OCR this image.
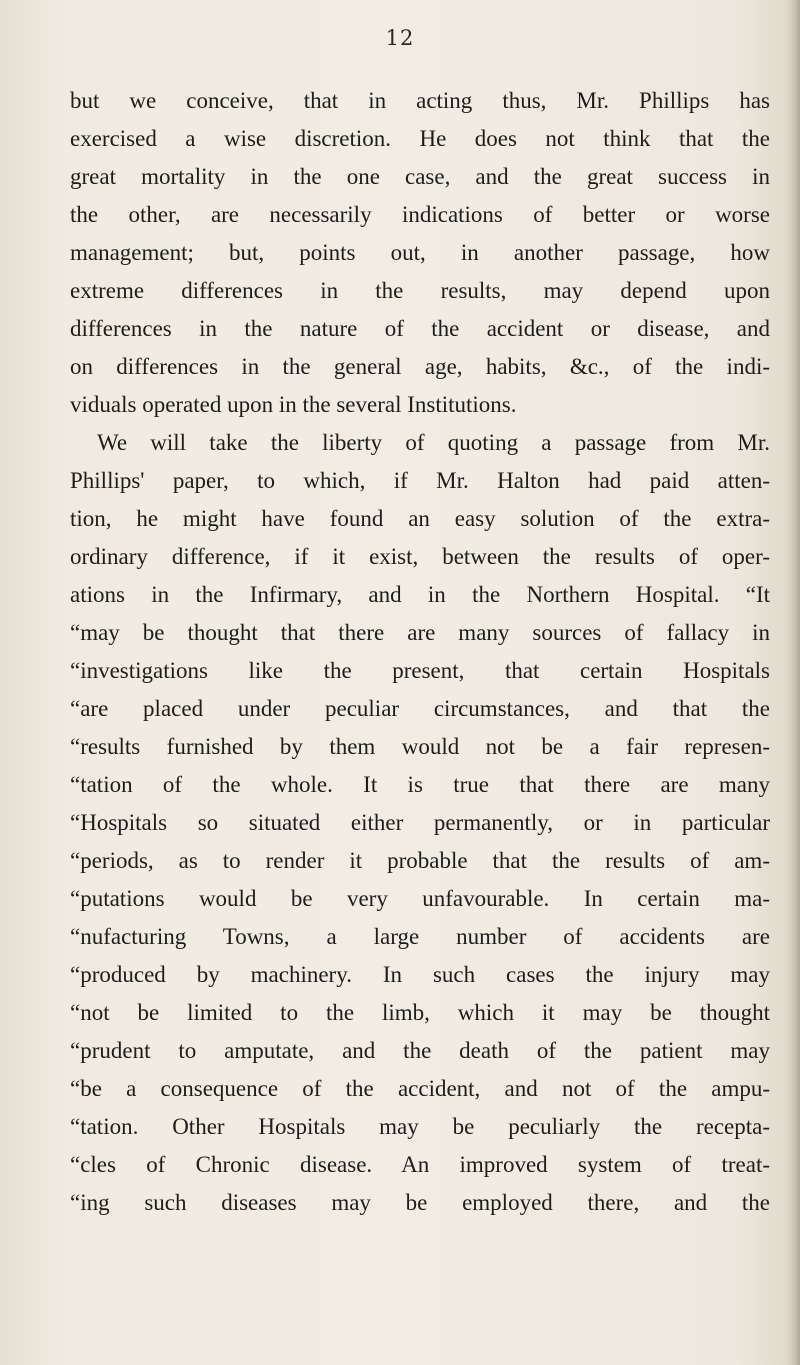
12
but we conceive, that in acting thus, Mr. Phillips has
exercised a wise discretion. He does not think that the
great mortality in the one case, and the great success in
the other, are necessarily indications of better or worse
management; but, points out, in another passage, how
extreme differences in the results, may depend upon
differences in the nature of the accident or disease, and
on differences in the general age, habits, &c., of the indi-
viduals operated upon in the several Institutions.
We will take the liberty of quoting a passage from Mr.
Phillips' paper, to which, if Mr. Halton had paid atten-
tion, he might have found an easy solution of the extra-
ordinary difference, if it exist, between the results of oper-
ations in the Infirmary, and in the Northern Hospital. “It
“may be thought that there are many sources of fallacy in
“investigations like the present, that certain Hospitals
“are placed under peculiar circumstances, and that the
“results furnished by them would not be a fair represen-
“tation of the whole. It is true that there are many
“Hospitals so situated either permanently, or in particular
“periods, as to render it probable that the results of am-
“putations would be very unfavourable. In certain ma-
“nufacturing Towns, a large number of accidents are
“produced by machinery. In such cases the injury may
“not be limited to the limb, which it may be thought
“prudent to amputate, and the death of the patient may
“be a consequence of the accident, and not of the ampu-
“tation. Other Hospitals may be peculiarly the recepta-
“cles of Chronic disease. An improved system of treat-
“ing such diseases may be employed there, and the
